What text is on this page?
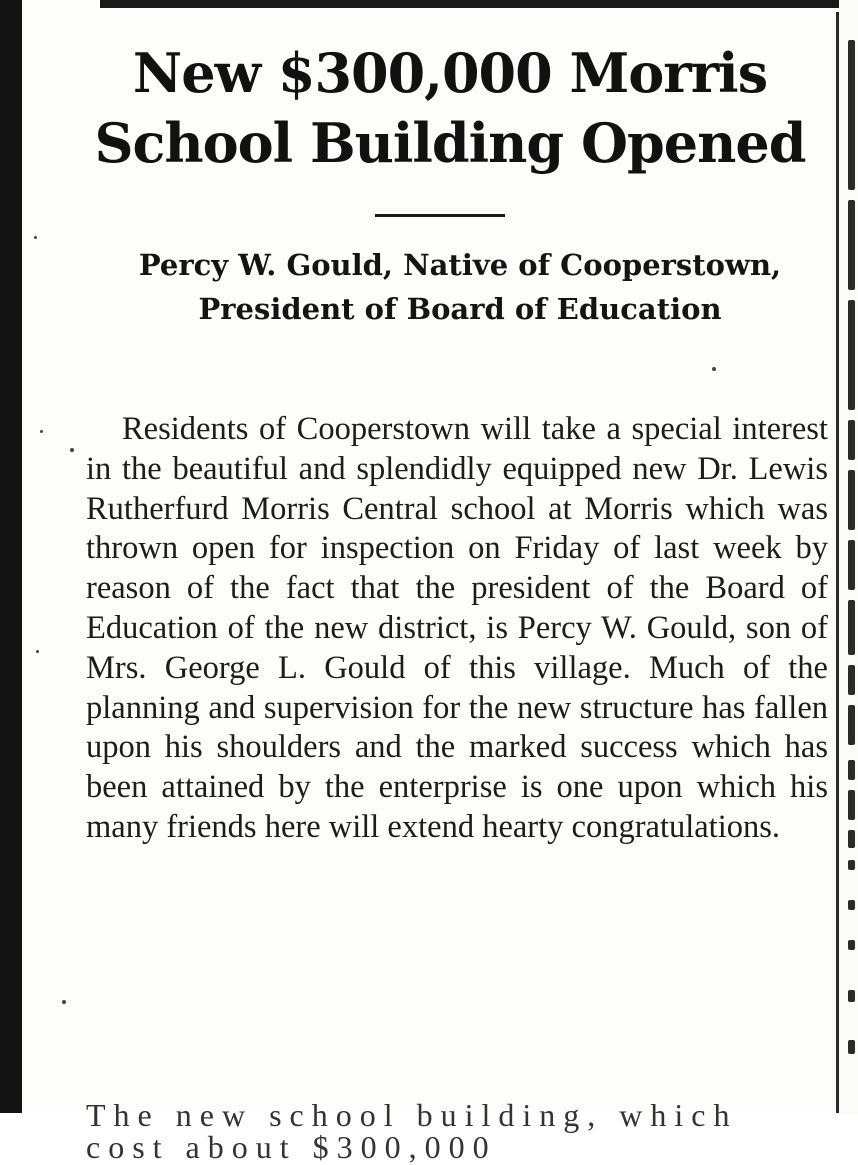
New $300,000 Morris School Building Opened
Percy W. Gould, Native of Cooperstown, President of Board of Education

Residents of Cooperstown will take a special interest in the beautiful and splendidly equipped new Dr. Lewis Rutherfurd Morris Central school at Morris which was thrown open for inspection on Friday of last week by reason of the fact that the president of the Board of Education of the new district, is Percy W. Gould, son of Mrs. George L. Gould of this village. Much of the planning and supervision for the new structure has fallen upon his shoulders and the marked success which has been attained by the enterprise is one upon which his many friends here will extend hearty congratulations.

The new school building, which cost about $300,000
